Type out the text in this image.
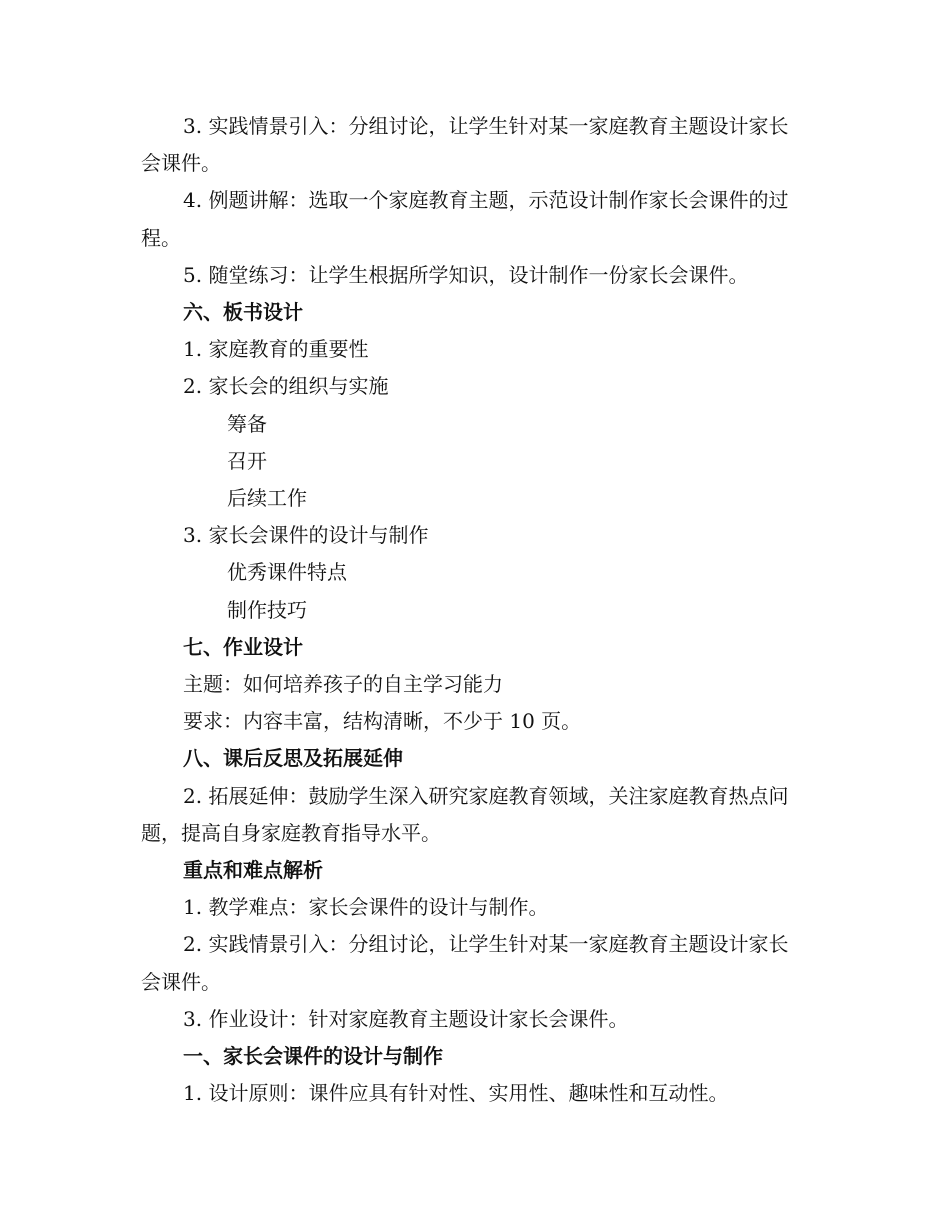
3. 实践情景引入：分组讨论，让学生针对某一家庭教育主题设计家长会课件。

4. 例题讲解：选取一个家庭教育主题，示范设计制作家长会课件的过程。

5. 随堂练习：让学生根据所学知识，设计制作一份家长会课件。

六、板书设计

1. 家庭教育的重要性

2. 家长会的组织与实施

筹备

召开

后续工作

3. 家长会课件的设计与制作

优秀课件特点

制作技巧

七、作业设计

主题：如何培养孩子的自主学习能力

要求：内容丰富，结构清晰，不少于 10 页。

八、课后反思及拓展延伸

2. 拓展延伸：鼓励学生深入研究家庭教育领域，关注家庭教育热点问题，提高自身家庭教育指导水平。

重点和难点解析

1. 教学难点：家长会课件的设计与制作。

2. 实践情景引入：分组讨论，让学生针对某一家庭教育主题设计家长会课件。

3. 作业设计：针对家庭教育主题设计家长会课件。

一、家长会课件的设计与制作

1. 设计原则：课件应具有针对性、实用性、趣味性和互动性。
